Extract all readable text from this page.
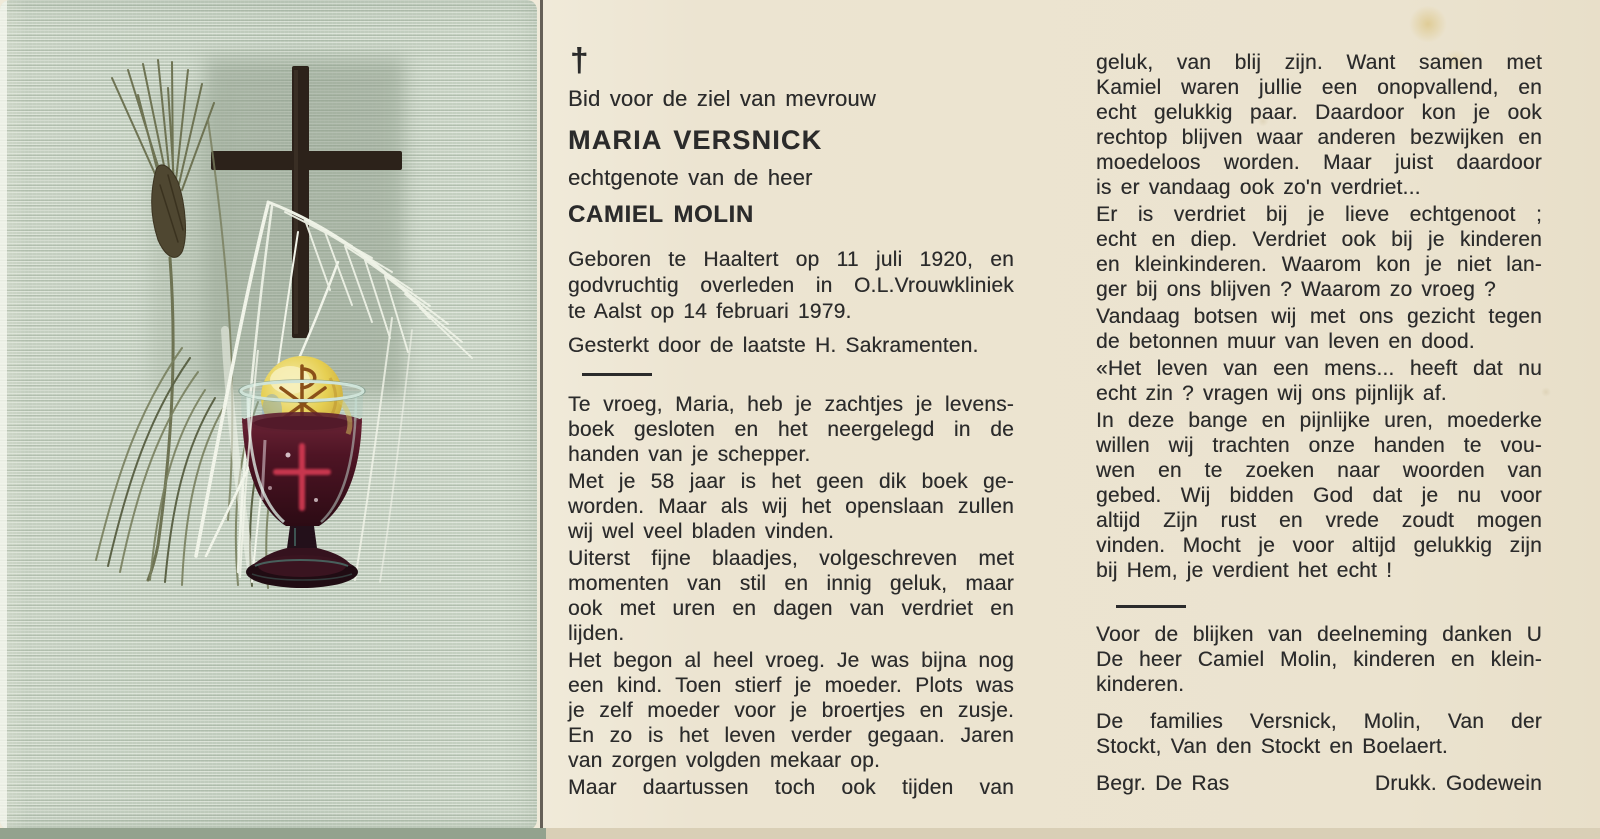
†
Bid voor de ziel van mevrouw
MARIA VERSNICK
echtgenote van de heer
CAMIEL MOLIN
Geboren te Haaltert op 11 juli 1920, en
godvruchtig overleden in O.L.Vrouwkliniek
te Aalst op 14 februari 1979.
Gesterkt door de laatste H. Sakramenten.
Te vroeg, Maria, heb je zachtjes je levens-
boek gesloten en het neergelegd in de
handen van je schepper.
Met je 58 jaar is het geen dik boek ge-
worden. Maar als wij het openslaan zullen
wij wel veel bladen vinden.
Uiterst fijne blaadjes, volgeschreven met
momenten van stil en innig geluk, maar
ook met uren en dagen van verdriet en
lijden.
Het begon al heel vroeg. Je was bijna nog
een kind. Toen stierf je moeder. Plots was
je zelf moeder voor je broertjes en zusje.
En zo is het leven verder gegaan. Jaren
van zorgen volgden mekaar op.
Maar daartussen toch ook tijden van
geluk, van blij zijn. Want samen met
Kamiel waren jullie een onopvallend, en
echt gelukkig paar. Daardoor kon je ook
rechtop blijven waar anderen bezwijken en
moedeloos worden. Maar juist daardoor
is er vandaag ook zo'n verdriet...
Er is verdriet bij je lieve echtgenoot ;
echt en diep. Verdriet ook bij je kinderen
en kleinkinderen. Waarom kon je niet lan-
ger bij ons blijven ? Waarom zo vroeg ?
Vandaag botsen wij met ons gezicht tegen
de betonnen muur van leven en dood.
«Het leven van een mens... heeft dat nu
echt zin ? vragen wij ons pijnlijk af.
In deze bange en pijnlijke uren, moederke
willen wij trachten onze handen te vou-
wen en te zoeken naar woorden van
gebed. Wij bidden God dat je nu voor
altijd Zijn rust en vrede zoudt mogen
vinden. Mocht je voor altijd gelukkig zijn
bij Hem, je verdient het echt !
Voor de blijken van deelneming danken U
De heer Camiel Molin, kinderen en klein-
kinderen.
De families Versnick, Molin, Van der
Stockt, Van den Stockt en Boelaert.
Begr. De Ras	Drukk. Godewein
